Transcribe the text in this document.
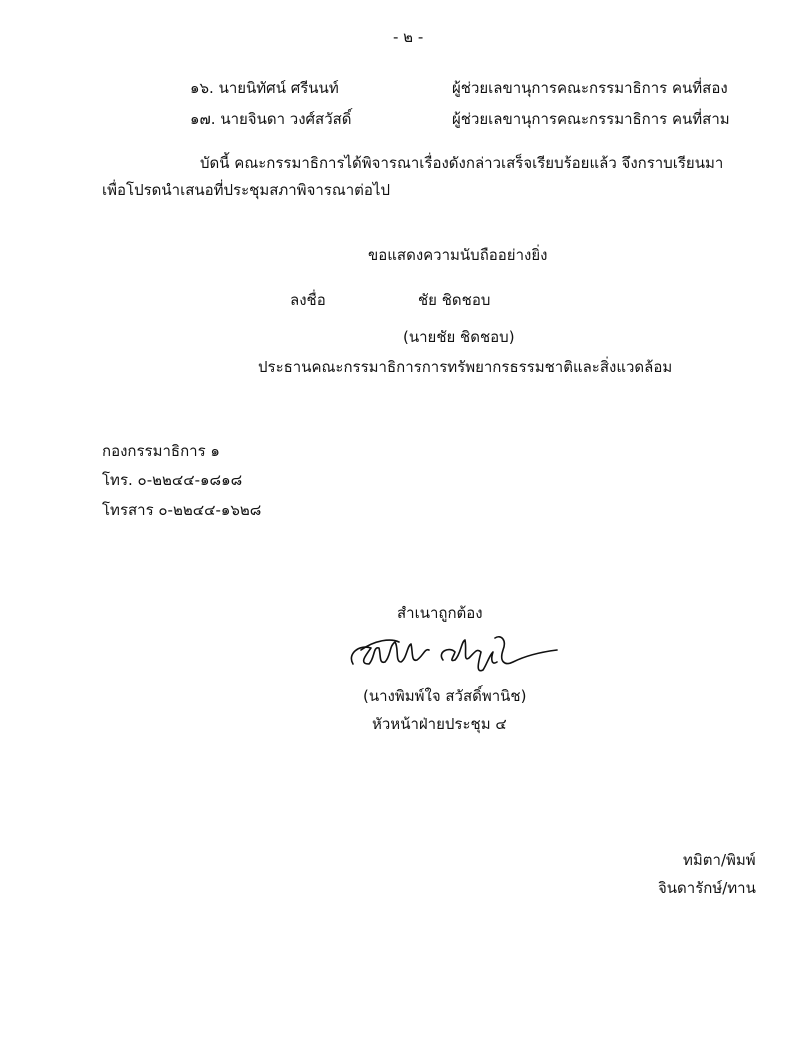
- ๒ -
๑๖. นายนิทัศน์ ศรีนนท์	ผู้ช่วยเลขานุการคณะกรรมาธิการ คนที่สอง
๑๗. นายจินดา วงศ์สวัสดิ์	ผู้ช่วยเลขานุการคณะกรรมาธิการ คนที่สาม
บัดนี้ คณะกรรมาธิการได้พิจารณาเรื่องดังกล่าวเสร็จเรียบร้อยแล้ว จึงกราบเรียนมา
เพื่อโปรดนำเสนอที่ประชุมสภาพิจารณาต่อไป
ขอแสดงความนับถืออย่างยิ่ง
ลงชื่อ	ชัย ชิดชอบ
(นายชัย ชิดชอบ)
ประธานคณะกรรมาธิการการทรัพยากรธรรมชาติและสิ่งแวดล้อม
กองกรรมาธิการ ๑
โทร. ๐-๒๒๔๔-๑๘๑๘
โทรสาร ๐-๒๒๔๔-๑๖๒๘
สำเนาถูกต้อง
(นางพิมพ์ใจ สวัสดิ์พานิช)
หัวหน้าฝ่ายประชุม ๔
ทมิตา/พิมพ์
จินดารักษ์/ทาน
